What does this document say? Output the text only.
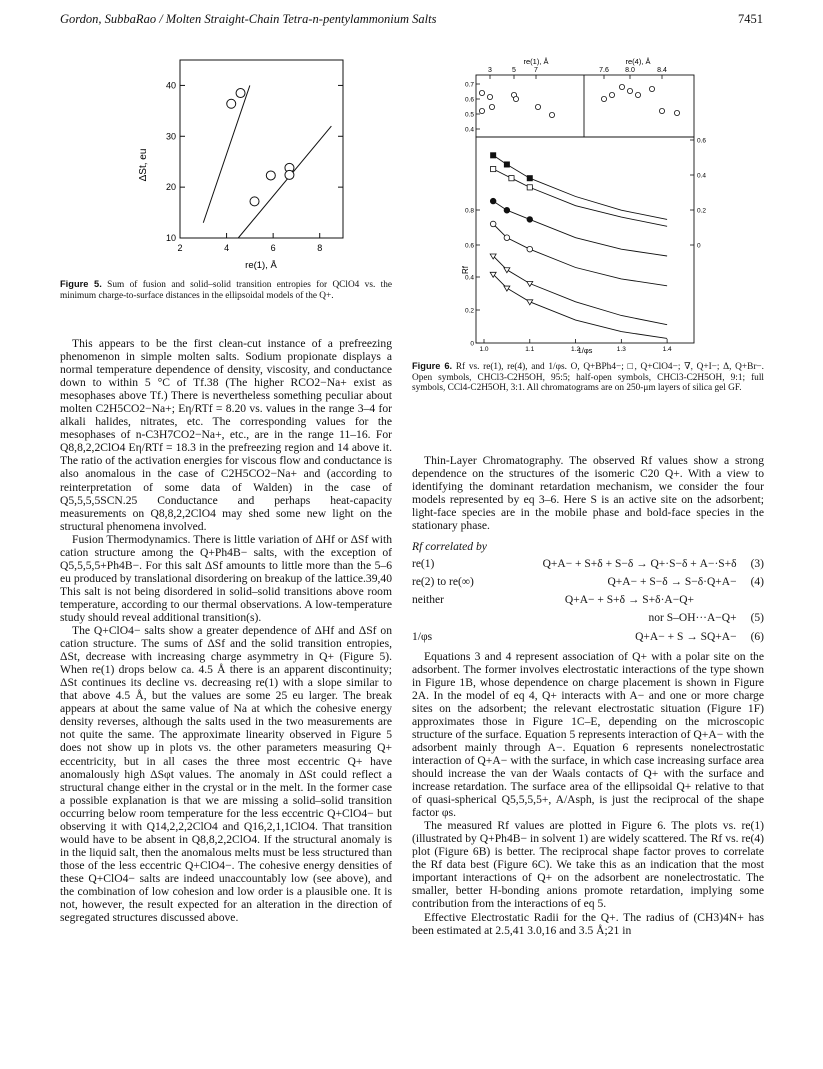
Gordon, SubbaRao / Molten Straight-Chain Tetra-n-pentylammonium Salts	7451
2	4	6	8
10
20
30
40
ΔSt, eu
re(1), Å
Figure 5. Sum of fusion and solid–solid transition entropies for QClO4 vs. the minimum charge-to-surface distances in the ellipsoidal models of the Q+.
re(1), Å	re(4), Å
3	5	7	7.6 8.0	8.4
0.7
0.6
0.5
0.4
0.8
0.6
0.4
0.2
0
0.6
0.4
0.2
0
1.0	1.1	1.2	1.3	1.4
Rf
1/φs
Figure 6. Rf vs. re(1), re(4), and 1/φs. O, Q+BPh4−; □, Q+ClO4−; ∇, Q+I−; Δ, Q+Br−. Open symbols, CHCl3-C2H5OH, 95:5; half-open symbols, CHCl3-C2H5OH, 9:1; full symbols, CCl4-C2H5OH, 3:1. All chromatograms are on 250-μm layers of silica gel GF.

This appears to be the first clean-cut instance of a prefreezing phenomenon in simple molten salts. Sodium propionate displays a normal temperature dependence of density, viscosity, and conductance down to within 5 °C of Tf.38 (The higher RCO2−Na+ exist as mesophases above Tf.) There is nevertheless something peculiar about molten C2H5CO2−Na+; Eη/RTf = 8.20 vs. values in the range 3–4 for alkali halides, nitrates, etc. The corresponding values for the mesophases of n-C3H7CO2−Na+, etc., are in the range 11–16. For Q8,8,2,2ClO4 Eη/RTf = 18.3 in the prefreezing region and 14 above it. The ratio of the activation energies for viscous flow and conductance is also anomalous in the case of C2H5CO2−Na+ and (according to reinterpretation of some data of Walden) in the case of Q5,5,5,5SCN.25 Conductance and perhaps heat-capacity measurements on Q8,8,2,2ClO4 may shed some new light on the structural phenomena involved.

Fusion Thermodynamics. There is little variation of ΔHf or ΔSf with cation structure among the Q+Ph4B− salts, with the exception of Q5,5,5,5+Ph4B−. For this salt ΔSf amounts to little more than the 5–6 eu produced by translational disordering on breakup of the lattice.39,40 This salt is not being disordered in solid–solid transitions above room temperature, according to our thermal observations. A low-temperature study should reveal additional transition(s).

The Q+ClO4− salts show a greater dependence of ΔHf and ΔSf on cation structure. The sums of ΔSf and the solid transition entropies, ΔSt, decrease with increasing charge asymmetry in Q+ (Figure 5). When re(1) drops below ca. 4.5 Å there is an apparent discontinuity; ΔSt continues its decline vs. decreasing re(1) with a slope similar to that above 4.5 Å, but the values are some 25 eu larger. The break appears at about the same value of Na at which the cohesive energy density reverses, although the salts used in the two measurements are not quite the same. The approximate linearity observed in Figure 5 does not show up in plots vs. the other parameters measuring Q+ eccentricity, but in all cases the three most eccentric Q+ have anomalously high ΔSφt values. The anomaly in ΔSt could reflect a structural change either in the crystal or in the melt. In the former case a possible explanation is that we are missing a solid–solid transition occurring below room temperature for the less eccentric Q+ClO4− but observing it with Q14,2,2,2ClO4 and Q16,2,1,1ClO4. That transition would have to be absent in Q8,8,2,2ClO4. If the structural anomaly is in the liquid salt, then the anomalous melts must be less structured than those of the less eccentric Q+ClO4−. The cohesive energy densities of these Q+ClO4− salts are indeed unaccountably low (see above), and the combination of low cohesion and low order is a plausible one. It is not, however, the result expected for an alteration in the direction of segregated structures discussed above.

Thin-Layer Chromatography. The observed Rf values show a strong dependence on the structures of the isomeric C20 Q+. With a view to identifying the dominant retardation mechanism, we consider the four models represented by eq 3–6. Here S is an active site on the adsorbent; light-face species are in the mobile phase and bold-face species in the stationary phase.

Rf correlated by

re(1)	Q+A− + S+δ + S−δ → Q+·S−δ + A−·S+δ	(3)
re(2) to re(∞)	Q+A− + S−δ → S−δ·Q+A−	(4)
neither	Q+A− + S+δ → S+δ·A−Q+
nor S–OH···A−Q+	(5)
1/φs	Q+A− + S → SQ+A−	(6)

Equations 3 and 4 represent association of Q+ with a polar site on the adsorbent. The former involves electrostatic interactions of the type shown in Figure 1B, whose dependence on charge placement is shown in Figure 2A. In the model of eq 4, Q+ interacts with A− and one or more charge sites on the adsorbent; the relevant electrostatic situation (Figure 1F) approximates those in Figure 1C–E, depending on the microscopic structure of the surface. Equation 5 represents interaction of Q+A− with the adsorbent mainly through A−. Equation 6 represents nonelectrostatic interaction of Q+A− with the surface, in which case increasing surface area should increase the van der Waals contacts of Q+ with the surface and increase retardation. The surface area of the ellipsoidal Q+ relative to that of quasi-spherical Q5,5,5,5+, A/Asph, is just the reciprocal of the shape factor φs.

The measured Rf values are plotted in Figure 6. The plots vs. re(1) (illustrated by Q+Ph4B− in solvent 1) are widely scattered. The Rf vs. re(4) plot (Figure 6B) is better. The reciprocal shape factor proves to correlate the Rf data best (Figure 6C). We take this as an indication that the most important interactions of Q+ on the adsorbent are nonelectrostatic. The smaller, better H-bonding anions promote retardation, implying some contribution from the interactions of eq 5.

Effective Electrostatic Radii for the Q+. The radius of (CH3)4N+ has been estimated at 2.5,41 3.0,16 and 3.5 Å;21 in
